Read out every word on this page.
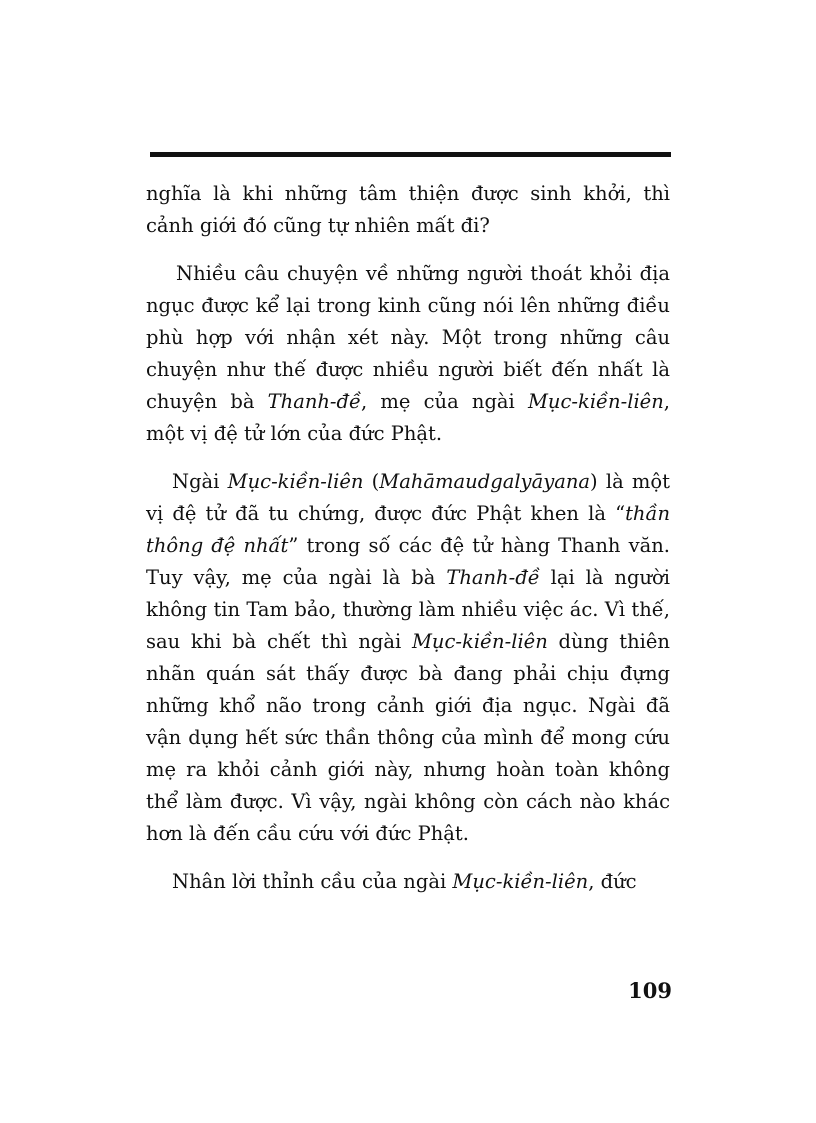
nghĩa là khi những tâm thiện được sinh khởi, thì cảnh giới đó cũng tự nhiên mất đi?

Nhiều câu chuyện về những người thoát khỏi địa ngục được kể lại trong kinh cũng nói lên những điều phù hợp với nhận xét này. Một trong những câu chuyện như thế được nhiều người biết đến nhất là chuyện bà Thanh-đề, mẹ của ngài Mục-kiền-liên, một vị đệ tử lớn của đức Phật.

Ngài Mục-kiền-liên (Mahāmaudgalyāyana) là một vị đệ tử đã tu chứng, được đức Phật khen là “thần thông đệ nhất” trong số các đệ tử hàng Thanh văn. Tuy vậy, mẹ của ngài là bà Thanh-đề lại là người không tin Tam bảo, thường làm nhiều việc ác. Vì thế, sau khi bà chết thì ngài Mục-kiền-liên dùng thiên nhãn quán sát thấy được bà đang phải chịu đựng những khổ não trong cảnh giới địa ngục. Ngài đã vận dụng hết sức thần thông của mình để mong cứu mẹ ra khỏi cảnh giới này, nhưng hoàn toàn không thể làm được. Vì vậy, ngài không còn cách nào khác hơn là đến cầu cứu với đức Phật.

Nhân lời thỉnh cầu của ngài Mục-kiền-liên, đức

109
